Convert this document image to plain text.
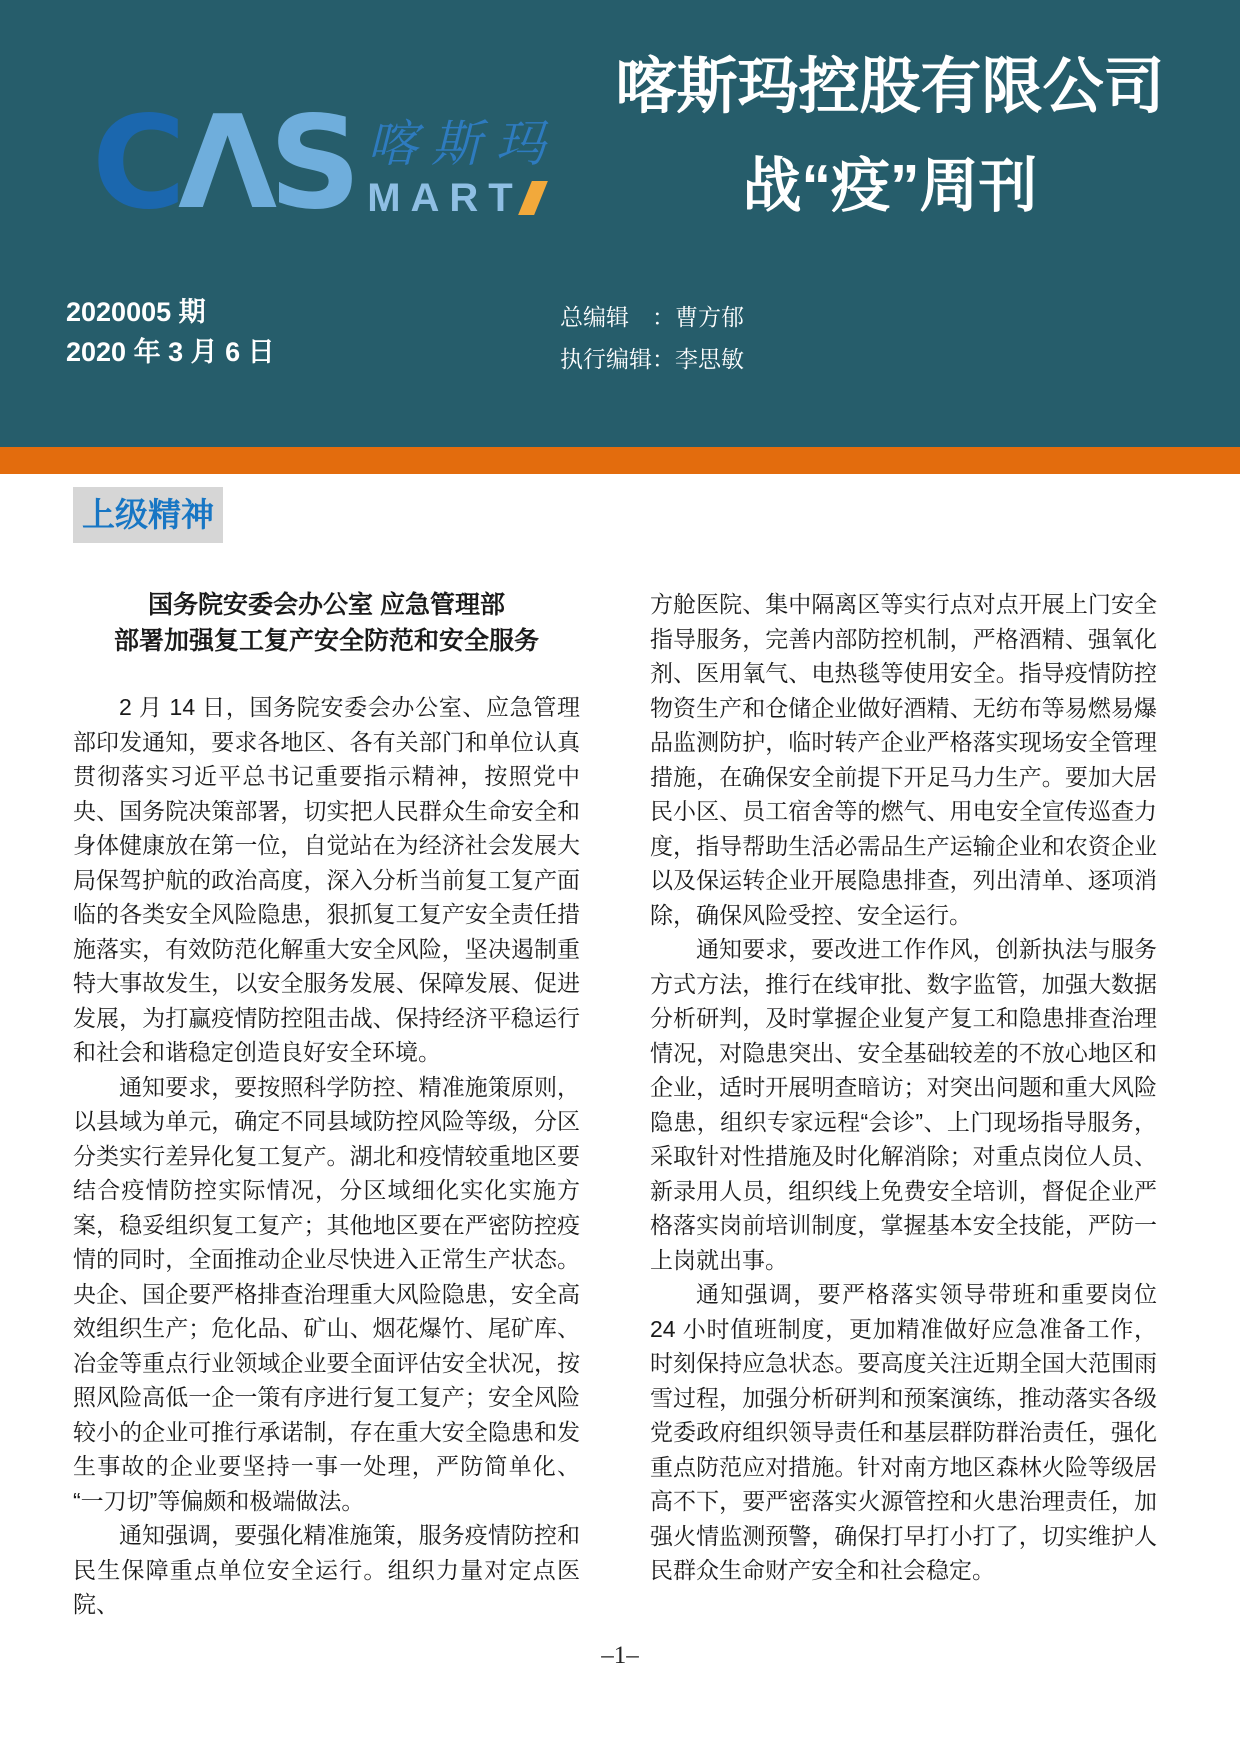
CΛS 喀斯玛
MART
喀斯玛控股有限公司
战“疫”周刊
2020005 期
2020 年 3 月 6 日
总编辑　：曹方郁
执行编辑：李思敏
上级精神
国务院安委会办公室 应急管理部
部署加强复工复产安全防范和安全服务

2 月 14 日，国务院安委会办公室、应急管理部印发通知，要求各地区、各有关部门和单位认真贯彻落实习近平总书记重要指示精神，按照党中央、国务院决策部署，切实把人民群众生命安全和身体健康放在第一位，自觉站在为经济社会发展大局保驾护航的政治高度，深入分析当前复工复产面临的各类安全风险隐患，狠抓复工复产安全责任措施落实，有效防范化解重大安全风险，坚决遏制重特大事故发生，以安全服务发展、保障发展、促进发展，为打赢疫情防控阻击战、保持经济平稳运行和社会和谐稳定创造良好安全环境。

通知要求，要按照科学防控、精准施策原则，以县域为单元，确定不同县域防控风险等级，分区分类实行差异化复工复产。湖北和疫情较重地区要结合疫情防控实际情况，分区域细化实化实施方案，稳妥组织复工复产；其他地区要在严密防控疫情的同时，全面推动企业尽快进入正常生产状态。央企、国企要严格排查治理重大风险隐患，安全高效组织生产；危化品、矿山、烟花爆竹、尾矿库、冶金等重点行业领域企业要全面评估安全状况，按照风险高低一企一策有序进行复工复产；安全风险较小的企业可推行承诺制，存在重大安全隐患和发生事故的企业要坚持一事一处理，严防简单化、“一刀切”等偏颇和极端做法。

通知强调，要强化精准施策，服务疫情防控和民生保障重点单位安全运行。组织力量对定点医院、

方舱医院、集中隔离区等实行点对点开展上门安全指导服务，完善内部防控机制，严格酒精、强氧化剂、医用氧气、电热毯等使用安全。指导疫情防控物资生产和仓储企业做好酒精、无纺布等易燃易爆品监测防护，临时转产企业严格落实现场安全管理措施，在确保安全前提下开足马力生产。要加大居民小区、员工宿舍等的燃气、用电安全宣传巡查力度，指导帮助生活必需品生产运输企业和农资企业以及保运转企业开展隐患排查，列出清单、逐项消除，确保风险受控、安全运行。

通知要求，要改进工作作风，创新执法与服务方式方法，推行在线审批、数字监管，加强大数据分析研判，及时掌握企业复产复工和隐患排查治理情况，对隐患突出、安全基础较差的不放心地区和企业，适时开展明查暗访；对突出问题和重大风险隐患，组织专家远程“会诊”、上门现场指导服务，采取针对性措施及时化解消除；对重点岗位人员、新录用人员，组织线上免费安全培训，督促企业严格落实岗前培训制度，掌握基本安全技能，严防一上岗就出事。

通知强调，要严格落实领导带班和重要岗位 24 小时值班制度，更加精准做好应急准备工作，时刻保持应急状态。要高度关注近期全国大范围雨雪过程，加强分析研判和预案演练，推动落实各级党委政府组织领导责任和基层群防群治责任，强化重点防范应对措施。针对南方地区森林火险等级居高不下，要严密落实火源管控和火患治理责任，加强火情监测预警，确保打早打小打了，切实维护人民群众生命财产安全和社会稳定。

–1–
